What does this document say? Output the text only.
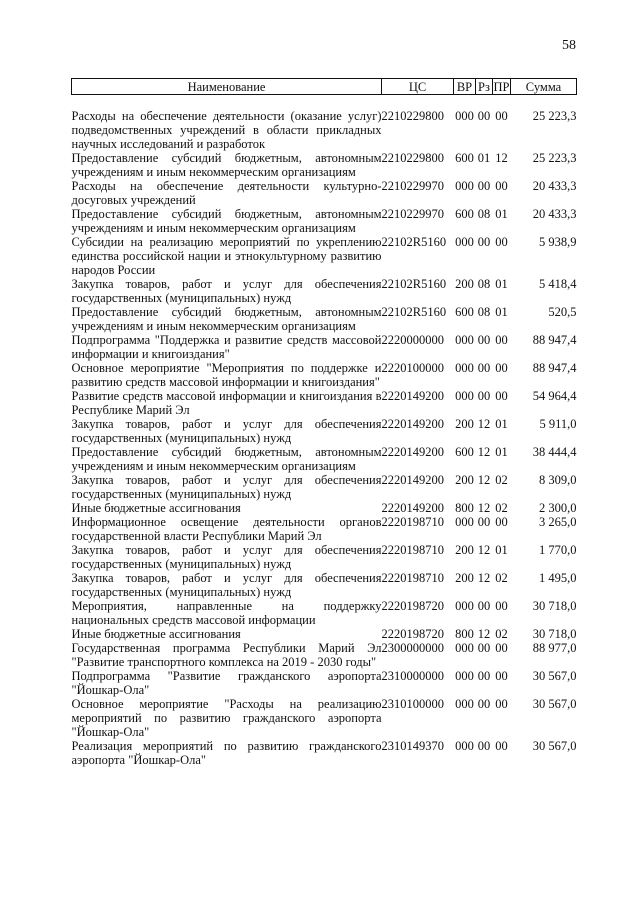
58
Наименование	ЦС	ВР	Рз	ПР	Сумма

Расходы на обеспечение деятельности (оказание услуг) подведомственных учреждений в области прикладных научных исследований и разработок	2210229800	000	00	00	25 223,3
Предоставление субсидий бюджетным, автономным учреждениям и иным некоммерческим организациям	2210229800	600	01	12	25 223,3
Расходы на обеспечение деятельности культурно-досуговых учреждений	2210229970	000	00	00	20 433,3
Предоставление субсидий бюджетным, автономным учреждениям и иным некоммерческим организациям	2210229970	600	08	01	20 433,3
Субсидии на реализацию мероприятий по укреплению единства российской нации и этнокультурному развитию народов России	22102R5160	000	00	00	5 938,9
Закупка товаров, работ и услуг для обеспечения государственных (муниципальных) нужд	22102R5160	200	08	01	5 418,4
Предоставление субсидий бюджетным, автономным учреждениям и иным некоммерческим организациям	22102R5160	600	08	01	520,5
Подпрограмма "Поддержка и развитие средств массовой информации и книгоиздания"	2220000000	000	00	00	88 947,4
Основное мероприятие "Мероприятия по поддержке и развитию средств массовой информации и книгоиздания"	2220100000	000	00	00	88 947,4
Развитие средств массовой информации и книгоиздания в Республике Марий Эл	2220149200	000	00	00	54 964,4
Закупка товаров, работ и услуг для обеспечения государственных (муниципальных) нужд	2220149200	200	12	01	5 911,0
Предоставление субсидий бюджетным, автономным учреждениям и иным некоммерческим организациям	2220149200	600	12	01	38 444,4
Закупка товаров, работ и услуг для обеспечения государственных (муниципальных) нужд	2220149200	200	12	02	8 309,0
Иные бюджетные ассигнования	2220149200	800	12	02	2 300,0
Информационное освещение деятельности органов государственной власти Республики Марий Эл	2220198710	000	00	00	3 265,0
Закупка товаров, работ и услуг для обеспечения государственных (муниципальных) нужд	2220198710	200	12	01	1 770,0
Закупка товаров, работ и услуг для обеспечения государственных (муниципальных) нужд	2220198710	200	12	02	1 495,0
Мероприятия, направленные на поддержку национальных средств массовой информации	2220198720	000	00	00	30 718,0
Иные бюджетные ассигнования	2220198720	800	12	02	30 718,0
Государственная программа Республики Марий Эл "Развитие транспортного комплекса на 2019 - 2030 годы"	2300000000	000	00	00	88 977,0
Подпрограмма "Развитие гражданского аэропорта "Йошкар-Ола"	2310000000	000	00	00	30 567,0
Основное мероприятие "Расходы на реализацию мероприятий по развитию гражданского аэропорта "Йошкар-Ола"	2310100000	000	00	00	30 567,0
Реализация мероприятий по развитию гражданского аэропорта "Йошкар-Ола"	2310149370	000	00	00	30 567,0
